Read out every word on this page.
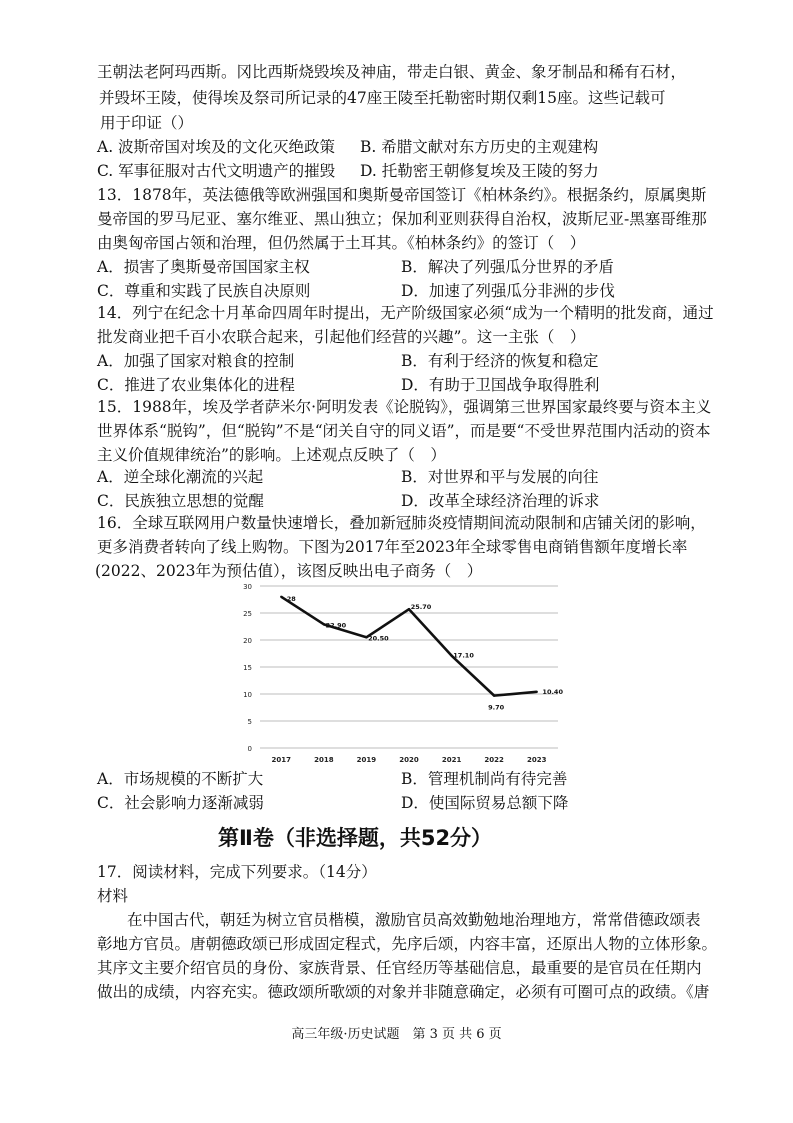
王朝法老阿玛西斯。冈比西斯烧毁埃及神庙，带走白银、黄金、象牙制品和稀有石材，
并毁坏王陵，使得埃及祭司所记录的47座王陵至托勒密时期仅剩15座。这些记载可
用于印证（）
A. 波斯帝国对埃及的文化灭绝政策 B. 希腊文献对东方历史的主观建构
C. 军事征服对古代文明遗产的摧毁 D. 托勒密王朝修复埃及王陵的努力
13．1878年，英法德俄等欧洲强国和奥斯曼帝国签订《柏林条约》。根据条约，原属奥斯
曼帝国的罗马尼亚、塞尔维亚、黑山独立；保加利亚则获得自治权，波斯尼亚-黑塞哥维那
由奥匈帝国占领和治理，但仍然属于土耳其。《柏林条约》的签订（　）
A．损害了奥斯曼帝国国家主权	B．解决了列强瓜分世界的矛盾
C．尊重和实践了民族自决原则	D．加速了列强瓜分非洲的步伐
14．列宁在纪念十月革命四周年时提出，无产阶级国家必须“成为一个精明的批发商，通过
批发商业把千百小农联合起来，引起他们经营的兴趣”。这一主张（　）
A．加强了国家对粮食的控制	B．有利于经济的恢复和稳定
C．推进了农业集体化的进程	D．有助于卫国战争取得胜利
15．1988年，埃及学者萨米尔·阿明发表《论脱钩》，强调第三世界国家最终要与资本主义
世界体系“脱钩”，但“脱钩”不是“闭关自守的同义语”，而是要“不受世界范围内活动的资本
主义价值规律统治”的影响。上述观点反映了（　）
A．逆全球化潮流的兴起	B．对世界和平与发展的向往
C．民族独立思想的觉醒	D．改革全球经济治理的诉求
16．全球互联网用户数量快速增长，叠加新冠肺炎疫情期间流动限制和店铺关闭的影响，
更多消费者转向了线上购物。下图为2017年至2023年全球零售电商销售额年度增长率
(2022、2023年为预估值），该图反映出电子商务（　）
0
5
10
15
20
25
30
2017	2018	2019	2020	2021	2022	2023
28
22.90
20.50
25.70
17.10
9.70
10.40
A．市场规模的不断扩大	B．管理机制尚有待完善
C．社会影响力逐渐减弱	D．使国际贸易总额下降
第Ⅱ卷（非选择题，共52分）
17．阅读材料，完成下列要求。（14分）
材料
在中国古代，朝廷为树立官员楷模，激励官员高效勤勉地治理地方，常常借德政颂表
彰地方官员。唐朝德政颂已形成固定程式，先序后颂，内容丰富，还原出人物的立体形象。
其序文主要介绍官员的身份、家族背景、任官经历等基础信息，最重要的是官员在任期内
做出的成绩，内容充实。德政颂所歌颂的对象并非随意确定，必须有可圈可点的政绩。《唐
高三年级·历史试题　第 3 页 共 6 页
